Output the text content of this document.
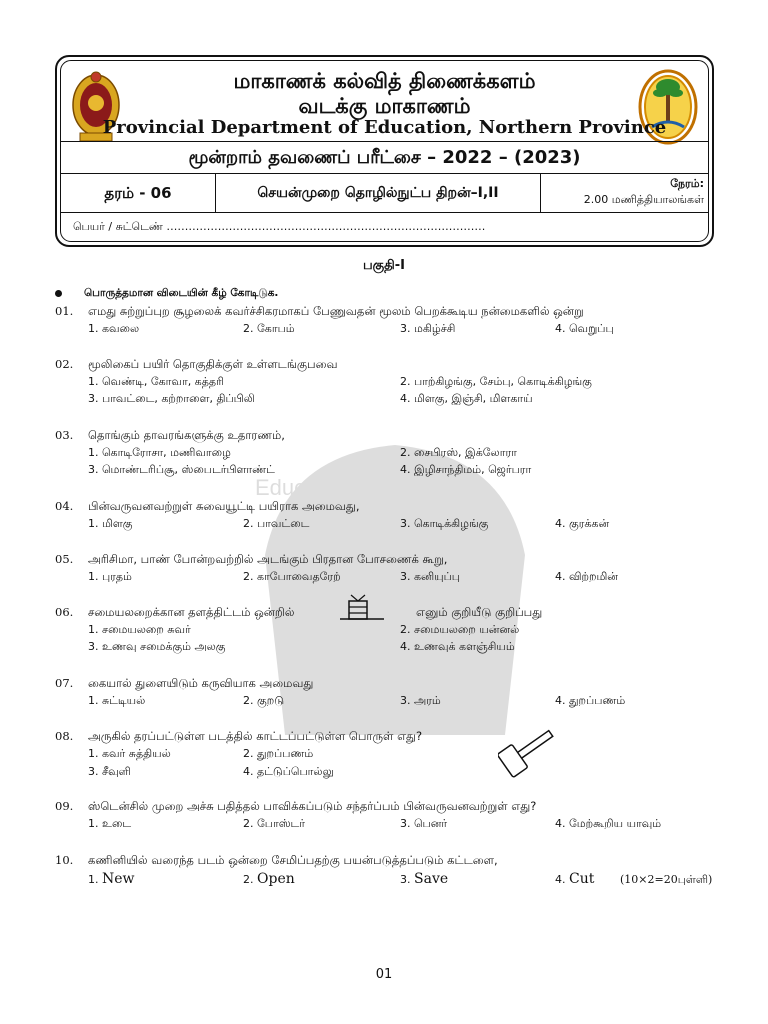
மாகாணக் கல்வித் திணைக்களம்
வடக்கு மாகாணம்
Provincial Department of Education, Northern Province
மூன்றாம் தவணைப் பரீட்சை – 2022 – (2023)
தரம் - 06	செயன்முறை தொழில்நுட்ப திறன்–I,II
நேரம்:
2.00 மணித்தியாலங்கள்
பெயர் / சுட்டெண் ……………………………………………………………………………
Education
பகுதி-I
பொருத்தமான விடையின் கீழ் கோடிடுக.
01. எமது சுற்றுப்புற சூழலைக் கவர்ச்சிகரமாகப் பேணுவதன் மூலம் பெறக்கூடிய நன்மைகளில் ஒன்று
1. கவலை	2. கோபம்	3. மகிழ்ச்சி	4. வெறுப்பு
02. மூலிகைப் பயிர் தொகுதிக்குள் உள்ளடங்குபவை
1. வெண்டி, கோவா, கத்தரி	2. பாற்கிழங்கு, சேம்பு, கொடிக்கிழங்கு
3. பாவட்டை, கற்றாளை, திப்பிலி	4. மிளகு, இஞ்சி, மிளகாய்
03. தொங்கும் தாவரங்களுக்கு உதாரணம்,
1. கொடிரோசா, மணிவாழை	2. சைபிரஸ், இக்லோரா
3. மொண்டரிப்சூ, ஸ்பைடர்பிளாண்ட்	4. இழிசாந்திமம், ஜெர்பரா
04. பின்வருவனவற்றுள் சுவையூட்டி பயிராக அமைவது,
1. மிளகு	2. பாவட்டை	3. கொடிக்கிழங்கு	4. குரக்கன்
05. அரிசிமா, பாண் போன்றவற்றில் அடங்கும் பிரதான போசணைக் கூறு,
1. புரதம்	2. காபோவைதரேற்	3. கனியுப்பு	4. விற்றமின்
06. சமையலறைக்கான தளத்திட்டம் ஒன்றில்	எனும் குறியீடு குறிப்பது
1. சமையலறை சுவர்	2. சமையலறை யன்னல்
3. உணவு சமைக்கும் அலகு	4. உணவுக் களஞ்சியம்
07. கையால் துளையிடும் கருவியாக அமைவது
1. சுட்டியல்	2. குறடு	3. அரம்	4. துறப்பணம்
08. அருகில் தரப்பட்டுள்ள படத்தில் காட்டப்பட்டுள்ள பொருள் எது?
1. கவர் சுத்தியல்	2. துறப்பணம்
3. சீவுளி	4. தட்டுப்பொல்லு
09. ஸ்டென்சில் முறை அச்சு பதித்தல் பாவிக்கப்படும் சந்தர்ப்பம் பின்வருவனவற்றுள் எது?
1. உடை	2. போஸ்டர்	3. பெனர்	4. மேற்கூறிய யாவும்
10. கணினியில் வரைந்த படம் ஒன்றை சேமிப்பதற்கு பயன்படுத்தப்படும் கட்டளை,
1. New	2. Open	3. Save	4. Cut (10×2=20புள்ளி)
01
